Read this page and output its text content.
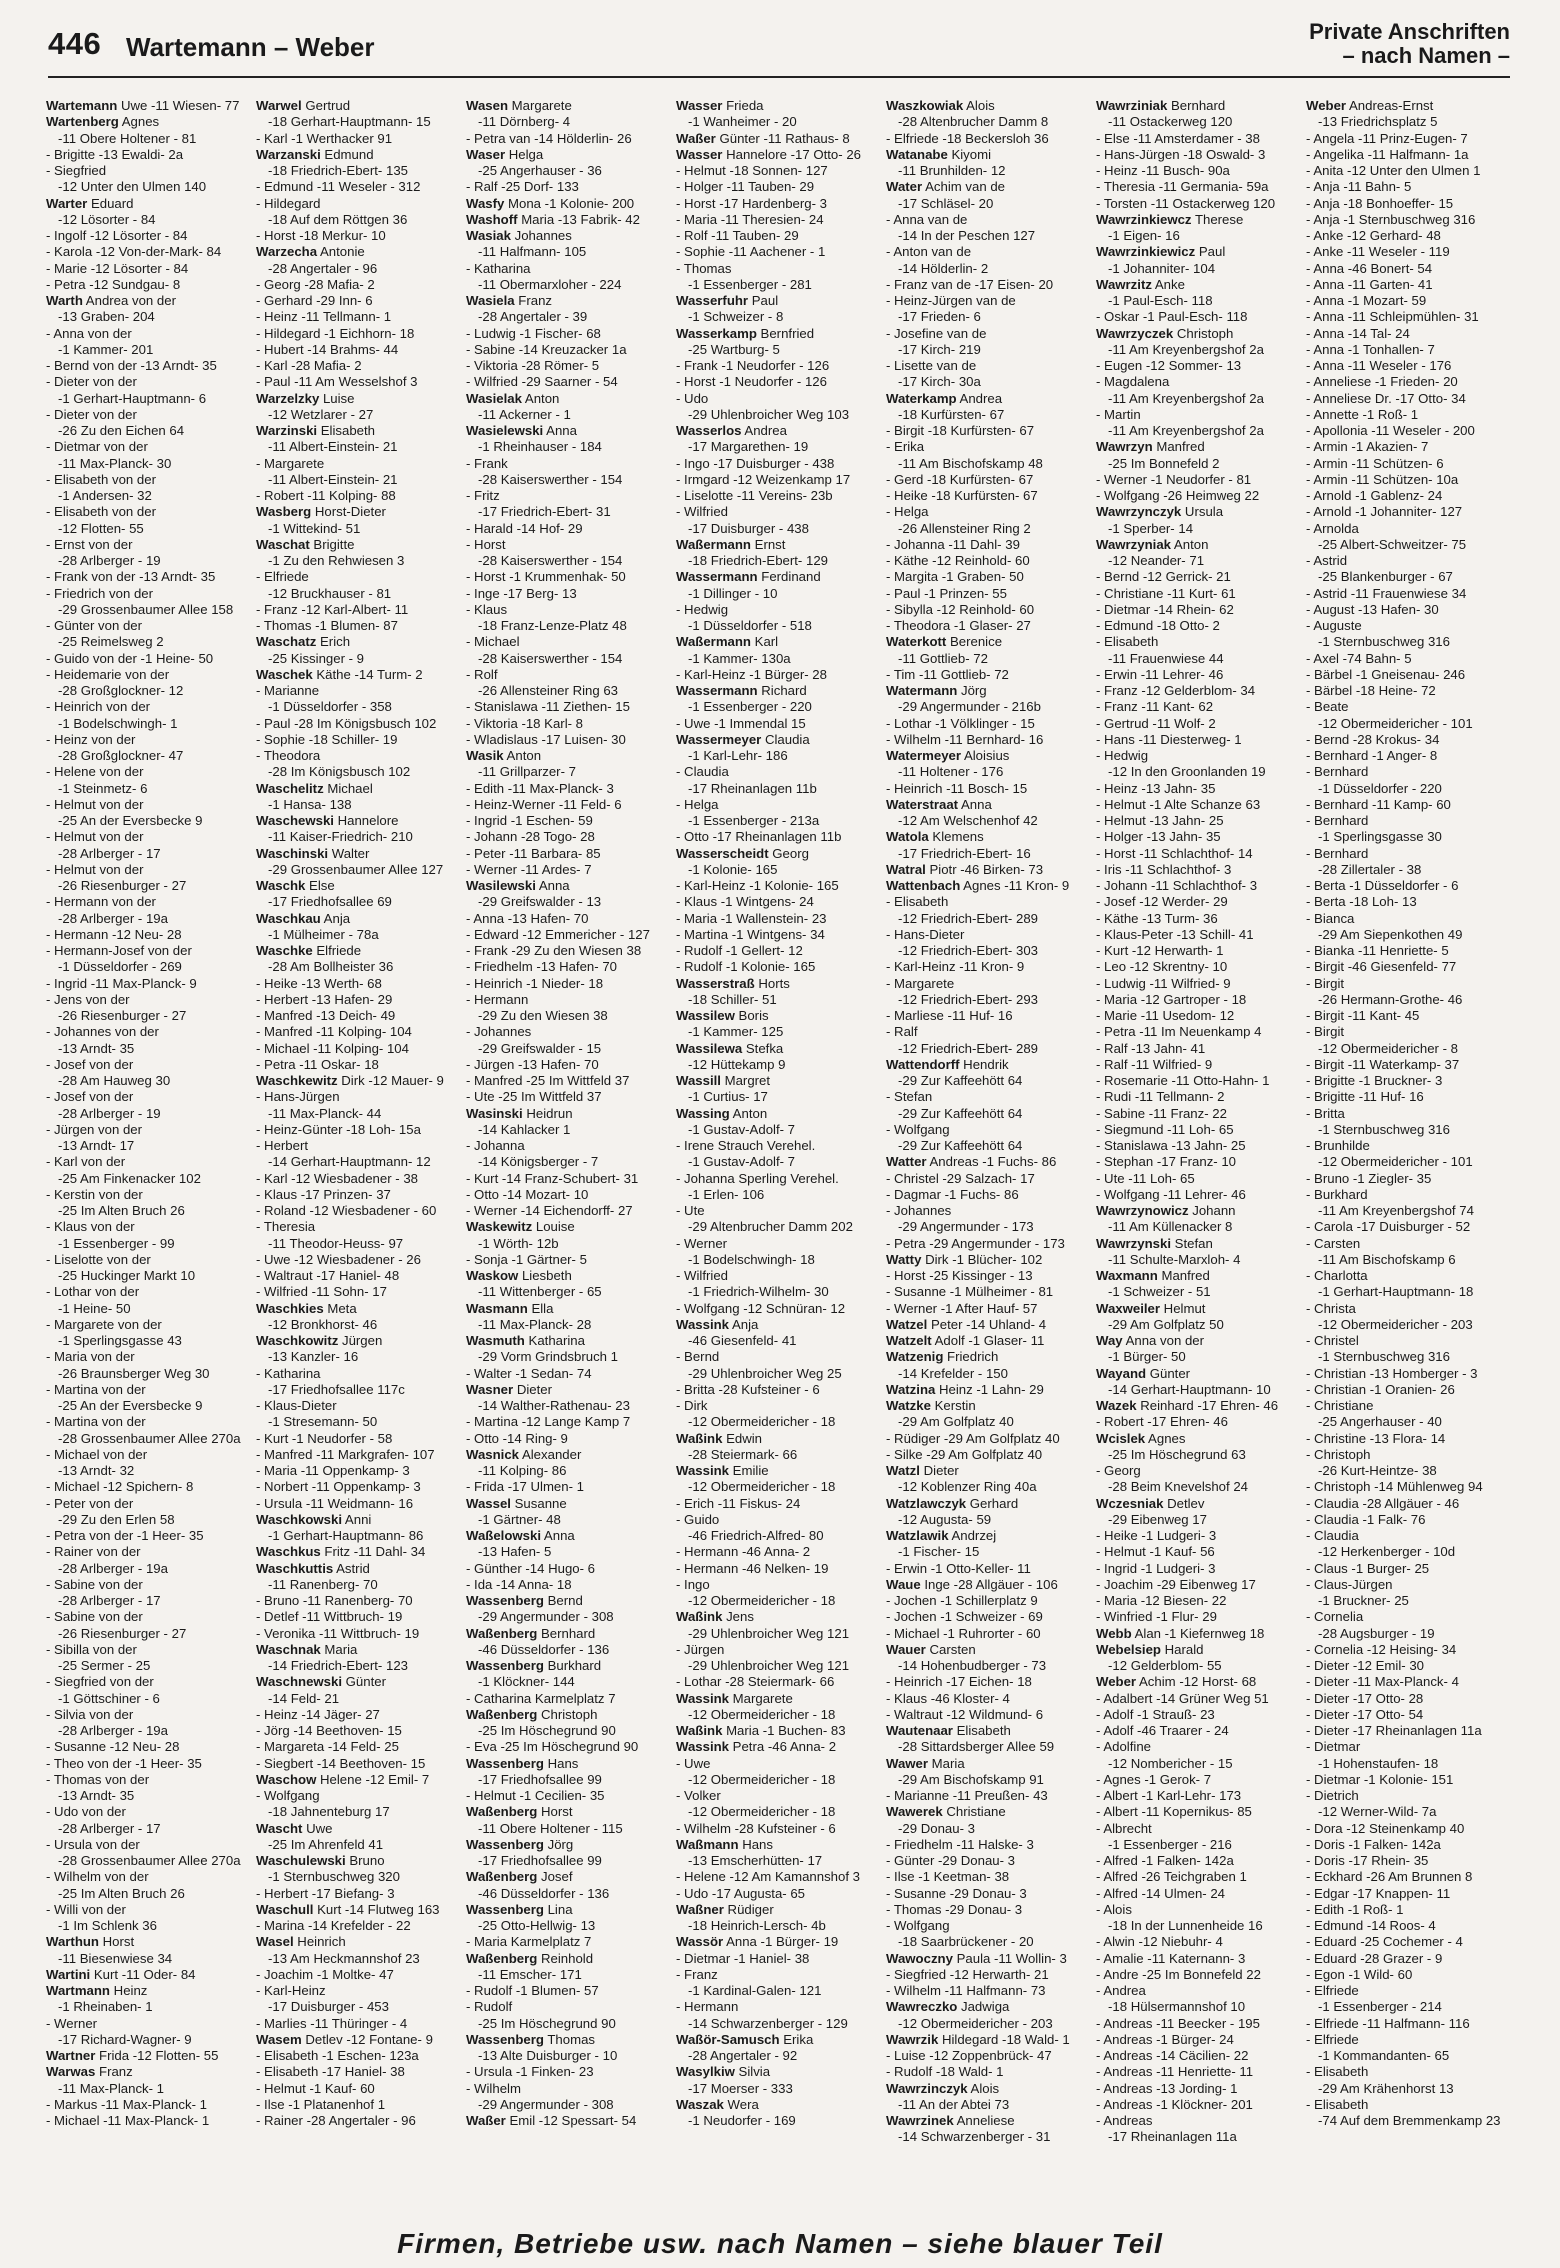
446 Wartemann – Weber
Private Anschriften
– nach Namen –
Wartemann Uwe -11 Wiesen- 77
Wartenberg Agnes
-11 Obere Holtener - 81
- Brigitte -13 Ewaldi- 2a
- Siegfried
-12 Unter den Ulmen 140
Warter Eduard
-12 Lösorter - 84
- Ingolf -12 Lösorter - 84
- Karola -12 Von-der-Mark- 84
- Marie -12 Lösorter - 84
- Petra -12 Sundgau- 8
Warth Andrea von der
-13 Graben- 204
- Anna von der
-1 Kammer- 201
- Bernd von der -13 Arndt- 35
- Dieter von der
-1 Gerhart-Hauptmann- 6
- Dieter von der
-26 Zu den Eichen 64
- Dietmar von der
-11 Max-Planck- 30
- Elisabeth von der
-1 Andersen- 32
- Elisabeth von der
-12 Flotten- 55
- Ernst von der
-28 Arlberger - 19
- Frank von der -13 Arndt- 35
- Friedrich von der
-29 Grossenbaumer Allee 158
- Günter von der
-25 Reimelsweg 2
- Guido von der -1 Heine- 50
- Heidemarie von der
-28 Großglockner- 12
- Heinrich von der
-1 Bodelschwingh- 1
- Heinz von der
-28 Großglockner- 47
- Helene von der
-1 Steinmetz- 6
- Helmut von der
-25 An der Eversbecke 9
- Helmut von der
-28 Arlberger - 17
- Helmut von der
-26 Riesenburger - 27
- Hermann von der
-28 Arlberger - 19a
- Hermann -12 Neu- 28
- Hermann-Josef von der
-1 Düsseldorfer - 269
- Ingrid -11 Max-Planck- 9
- Jens von der
-26 Riesenburger - 27
- Johannes von der
-13 Arndt- 35
- Josef von der
-28 Am Hauweg 30
- Josef von der
-28 Arlberger - 19
- Jürgen von der
-13 Arndt- 17
- Karl von der
-25 Am Finkenacker 102
- Kerstin von der
-25 Im Alten Bruch 26
- Klaus von der
-1 Essenberger - 99
- Liselotte von der
-25 Huckinger Markt 10
- Lothar von der
-1 Heine- 50
- Margarete von der
-1 Sperlingsgasse 43
- Maria von der
-26 Braunsberger Weg 30
- Martina von der
-25 An der Eversbecke 9
- Martina von der
-28 Grossenbaumer Allee 270a
- Michael von der
-13 Arndt- 32
- Michael -12 Spichern- 8
- Peter von der
-29 Zu den Erlen 58
- Petra von der -1 Heer- 35
- Rainer von der
-28 Arlberger - 19a
- Sabine von der
-28 Arlberger - 17
- Sabine von der
-26 Riesenburger - 27
- Sibilla von der
-25 Sermer - 25
- Siegfried von der
-1 Göttschiner - 6
- Silvia von der
-28 Arlberger - 19a
- Susanne -12 Neu- 28
- Theo von der -1 Heer- 35
- Thomas von der
-13 Arndt- 35
- Udo von der
-28 Arlberger - 17
- Ursula von der
-28 Grossenbaumer Allee 270a
- Wilhelm von der
-25 Im Alten Bruch 26
- Willi von der
-1 Im Schlenk 36
Warthun Horst
-11 Biesenwiese 34
Wartini Kurt -11 Oder- 84
Wartmann Heinz
-1 Rheinaben- 1
- Werner
-17 Richard-Wagner- 9
Wartner Frida -12 Flotten- 55
Warwas Franz
-11 Max-Planck- 1
- Markus -11 Max-Planck- 1
- Michael -11 Max-Planck- 1
Warwel Gertrud
-18 Gerhart-Hauptmann- 15
- Karl -1 Werthacker 91
Warzanski Edmund
-18 Friedrich-Ebert- 135
- Edmund -11 Weseler - 312
- Hildegard
-18 Auf dem Röttgen 36
- Horst -18 Merkur- 10
Warzecha Antonie
-28 Angertaler - 96
- Georg -28 Mafia- 2
- Gerhard -29 Inn- 6
- Heinz -11 Tellmann- 1
- Hildegard -1 Eichhorn- 18
- Hubert -14 Brahms- 44
- Karl -28 Mafia- 2
- Paul -11 Am Wesselshof 3
Warzelzky Luise
-12 Wetzlarer - 27
Warzinski Elisabeth
-11 Albert-Einstein- 21
- Margarete
-11 Albert-Einstein- 21
- Robert -11 Kolping- 88
Wasberg Horst-Dieter
-1 Wittekind- 51
Waschat Brigitte
-1 Zu den Rehwiesen 3
- Elfriede
-12 Bruckhauser - 81
- Franz -12 Karl-Albert- 11
- Thomas -1 Blumen- 87
Waschatz Erich
-25 Kissinger - 9
Waschek Käthe -14 Turm- 2
- Marianne
-1 Düsseldorfer - 358
- Paul -28 Im Königsbusch 102
- Sophie -18 Schiller- 19
- Theodora
-28 Im Königsbusch 102
Waschelitz Michael
-1 Hansa- 138
Waschewski Hannelore
-11 Kaiser-Friedrich- 210
Waschinski Walter
-29 Grossenbaumer Allee 127
Waschk Else
-17 Friedhofsallee 69
Waschkau Anja
-1 Mülheimer - 78a
Waschke Elfriede
-28 Am Bollheister 36
- Heike -13 Werth- 68
- Herbert -13 Hafen- 29
- Manfred -13 Deich- 49
- Manfred -11 Kolping- 104
- Michael -11 Kolping- 104
- Petra -11 Oskar- 18
Waschkewitz Dirk -12 Mauer- 9
- Hans-Jürgen
-11 Max-Planck- 44
- Heinz-Günter -18 Loh- 15a
- Herbert
-14 Gerhart-Hauptmann- 12
- Karl -12 Wiesbadener - 38
- Klaus -17 Prinzen- 37
- Roland -12 Wiesbadener - 60
- Theresia
-11 Theodor-Heuss- 97
- Uwe -12 Wiesbadener - 26
- Waltraut -17 Haniel- 48
- Wilfried -11 Sohn- 17
Waschkies Meta
-12 Bronkhorst- 46
Waschkowitz Jürgen
-13 Kanzler- 16
- Katharina
-17 Friedhofsallee 117c
- Klaus-Dieter
-1 Stresemann- 50
- Kurt -1 Neudorfer - 58
- Manfred -11 Markgrafen- 107
- Maria -11 Oppenkamp- 3
- Norbert -11 Oppenkamp- 3
- Ursula -11 Weidmann- 16
Waschkowski Anni
-1 Gerhart-Hauptmann- 86
Waschkus Fritz -11 Dahl- 34
Waschkuttis Astrid
-11 Ranenberg- 70
- Bruno -11 Ranenberg- 70
- Detlef -11 Wittbruch- 19
- Veronika -11 Wittbruch- 19
Waschnak Maria
-14 Friedrich-Ebert- 123
Waschnewski Günter
-14 Feld- 21
- Heinz -14 Jäger- 27
- Jörg -14 Beethoven- 15
- Margareta -14 Feld- 25
- Siegbert -14 Beethoven- 15
Waschow Helene -12 Emil- 7
- Wolfgang
-18 Jahnenteburg 17
Wascht Uwe
-25 Im Ahrenfeld 41
Waschulewski Bruno
-1 Sternbuschweg 320
- Herbert -17 Biefang- 3
Waschull Kurt -14 Flutweg 163
- Marina -14 Krefelder - 22
Wasel Heinrich
-13 Am Heckmannshof 23
- Joachim -1 Moltke- 47
- Karl-Heinz
-17 Duisburger - 453
- Marlies -11 Thüringer - 4
Wasem Detlev -12 Fontane- 9
- Elisabeth -1 Eschen- 123a
- Elisabeth -17 Haniel- 38
- Helmut -1 Kauf- 60
- Ilse -1 Platanenhof 1
- Rainer -28 Angertaler - 96
Wasen Margarete
-11 Dörnberg- 4
- Petra van -14 Hölderlin- 26
Waser Helga
-25 Angerhauser - 36
- Ralf -25 Dorf- 133
Wasfy Mona -1 Kolonie- 200
Washoff Maria -13 Fabrik- 42
Wasiak Johannes
-11 Halfmann- 105
- Katharina
-11 Obermarxloher - 224
Wasiela Franz
-28 Angertaler - 39
- Ludwig -1 Fischer- 68
- Sabine -14 Kreuzacker 1a
- Viktoria -28 Römer- 5
- Wilfried -29 Saarner - 54
Wasielak Anton
-11 Ackerner - 1
Wasielewski Anna
-1 Rheinhauser - 184
- Frank
-28 Kaiserswerther - 154
- Fritz
-17 Friedrich-Ebert- 31
- Harald -14 Hof- 29
- Horst
-28 Kaiserswerther - 154
- Horst -1 Krummenhak- 50
- Inge -17 Berg- 13
- Klaus
-18 Franz-Lenze-Platz 48
- Michael
-28 Kaiserswerther - 154
- Rolf
-26 Allensteiner Ring 63
- Stanislawa -11 Ziethen- 15
- Viktoria -18 Karl- 8
- Wladislaus -17 Luisen- 30
Wasik Anton
-11 Grillparzer- 7
- Edith -11 Max-Planck- 3
- Heinz-Werner -11 Feld- 6
- Ingrid -1 Eschen- 59
- Johann -28 Togo- 28
- Peter -11 Barbara- 85
- Werner -11 Ardes- 7
Wasilewski Anna
-29 Greifswalder - 13
- Anna -13 Hafen- 70
- Edward -12 Emmericher - 127
- Frank -29 Zu den Wiesen 38
- Friedhelm -13 Hafen- 70
- Heinrich -1 Nieder- 18
- Hermann
-29 Zu den Wiesen 38
- Johannes
-29 Greifswalder - 15
- Jürgen -13 Hafen- 70
- Manfred -25 Im Wittfeld 37
- Ute -25 Im Wittfeld 37
Wasinski Heidrun
-14 Kahlacker 1
- Johanna
-14 Königsberger - 7
- Kurt -14 Franz-Schubert- 31
- Otto -14 Mozart- 10
- Werner -14 Eichendorff- 27
Waskewitz Louise
-1 Wörth- 12b
- Sonja -1 Gärtner- 5
Waskow Liesbeth
-11 Wittenberger - 65
Wasmann Ella
-11 Max-Planck- 28
Wasmuth Katharina
-29 Vorm Grindsbruch 1
- Walter -1 Sedan- 74
Wasner Dieter
-14 Walther-Rathenau- 23
- Martina -12 Lange Kamp 7
- Otto -14 Ring- 9
Wasnick Alexander
-11 Kolping- 86
- Frida -17 Ulmen- 1
Wassel Susanne
-1 Gärtner- 48
Waßelowski Anna
-13 Hafen- 5
- Günther -14 Hugo- 6
- Ida -14 Anna- 18
Wassenberg Bernd
-29 Angermunder - 308
Waßenberg Bernhard
-46 Düsseldorfer - 136
Wassenberg Burkhard
-1 Klöckner- 144
- Catharina Karmelplatz 7
Waßenberg Christoph
-25 Im Höschegrund 90
- Eva -25 Im Höschegrund 90
Wassenberg Hans
-17 Friedhofsallee 99
- Helmut -1 Cecilien- 35
Waßenberg Horst
-11 Obere Holtener - 115
Wassenberg Jörg
-17 Friedhofsallee 99
Waßenberg Josef
-46 Düsseldorfer - 136
Wassenberg Lina
-25 Otto-Hellwig- 13
- Maria Karmelplatz 7
Waßenberg Reinhold
-11 Emscher- 171
- Rudolf -1 Blumen- 57
- Rudolf
-25 Im Höschegrund 90
Wassenberg Thomas
-13 Alte Duisburger - 10
- Ursula -1 Finken- 23
- Wilhelm
-29 Angermunder - 308
Waßer Emil -12 Spessart- 54
Wasser Frieda
-1 Wanheimer - 20
Waßer Günter -11 Rathaus- 8
Wasser Hannelore -17 Otto- 26
- Helmut -18 Sonnen- 127
- Holger -11 Tauben- 29
- Horst -17 Hardenberg- 3
- Maria -11 Theresien- 24
- Rolf -11 Tauben- 29
- Sophie -11 Aachener - 1
- Thomas
-1 Essenberger - 281
Wasserfuhr Paul
-1 Schweizer - 8
Wasserkamp Bernfried
-25 Wartburg- 5
- Frank -1 Neudorfer - 126
- Horst -1 Neudorfer - 126
- Udo
-29 Uhlenbroicher Weg 103
Wasserlos Andrea
-17 Margarethen- 19
- Ingo -17 Duisburger - 438
- Irmgard -12 Weizenkamp 17
- Liselotte -11 Vereins- 23b
- Wilfried
-17 Duisburger - 438
Waßermann Ernst
-18 Friedrich-Ebert- 129
Wassermann Ferdinand
-1 Dillinger - 10
- Hedwig
-1 Düsseldorfer - 518
Waßermann Karl
-1 Kammer- 130a
- Karl-Heinz -1 Bürger- 28
Wassermann Richard
-1 Essenberger - 220
- Uwe -1 Immendal 15
Wassermeyer Claudia
-1 Karl-Lehr- 186
- Claudia
-17 Rheinanlagen 11b
- Helga
-1 Essenberger - 213a
- Otto -17 Rheinanlagen 11b
Wasserscheidt Georg
-1 Kolonie- 165
- Karl-Heinz -1 Kolonie- 165
- Klaus -1 Wintgens- 24
- Maria -1 Wallenstein- 23
- Martina -1 Wintgens- 34
- Rudolf -1 Gellert- 12
- Rudolf -1 Kolonie- 165
Wasserstraß Horts
-18 Schiller- 51
Wassilew Boris
-1 Kammer- 125
Wassilewa Stefka
-12 Hüttekamp 9
Wassill Margret
-1 Curtius- 17
Wassing Anton
-1 Gustav-Adolf- 7
- Irene Strauch Verehel.
-1 Gustav-Adolf- 7
- Johanna Sperling Verehel.
-1 Erlen- 106
- Ute
-29 Altenbrucher Damm 202
- Werner
-1 Bodelschwingh- 18
- Wilfried
-1 Friedrich-Wilhelm- 30
- Wolfgang -12 Schnüran- 12
Wassink Anja
-46 Giesenfeld- 41
- Bernd
-29 Uhlenbroicher Weg 25
- Britta -28 Kufsteiner - 6
- Dirk
-12 Obermeidericher - 18
Waßink Edwin
-28 Steiermark- 66
Wassink Emilie
-12 Obermeidericher - 18
- Erich -11 Fiskus- 24
- Guido
-46 Friedrich-Alfred- 80
- Hermann -46 Anna- 2
- Hermann -46 Nelken- 19
- Ingo
-12 Obermeidericher - 18
Waßink Jens
-29 Uhlenbroicher Weg 121
- Jürgen
-29 Uhlenbroicher Weg 121
- Lothar -28 Steiermark- 66
Wassink Margarete
-12 Obermeidericher - 18
Waßink Maria -1 Buchen- 83
Wassink Petra -46 Anna- 2
- Uwe
-12 Obermeidericher - 18
- Volker
-12 Obermeidericher - 18
- Wilhelm -28 Kufsteiner - 6
Waßmann Hans
-13 Emscherhütten- 17
- Helene -12 Am Kamannshof 3
- Udo -17 Augusta- 65
Waßner Rüdiger
-18 Heinrich-Lersch- 4b
Wassör Anna -1 Bürger- 19
- Dietmar -1 Haniel- 38
- Franz
-1 Kardinal-Galen- 121
- Hermann
-14 Schwarzenberger - 129
Waßör-Samusch Erika
-28 Angertaler - 92
Wasylkiw Silvia
-17 Moerser - 333
Waszak Wera
-1 Neudorfer - 169
Waszkowiak Alois
-28 Altenbrucher Damm 8
- Elfriede -18 Beckersloh 36
Watanabe Kiyomi
-11 Brunhilden- 12
Water Achim van de
-17 Schläsel- 20
- Anna van de
-14 In der Peschen 127
- Anton van de
-14 Hölderlin- 2
- Franz van de -17 Eisen- 20
- Heinz-Jürgen van de
-17 Frieden- 6
- Josefine van de
-17 Kirch- 219
- Lisette van de
-17 Kirch- 30a
Waterkamp Andrea
-18 Kurfürsten- 67
- Birgit -18 Kurfürsten- 67
- Erika
-11 Am Bischofskamp 48
- Gerd -18 Kurfürsten- 67
- Heike -18 Kurfürsten- 67
- Helga
-26 Allensteiner Ring 2
- Johanna -11 Dahl- 39
- Käthe -12 Reinhold- 60
- Margita -1 Graben- 50
- Paul -1 Prinzen- 55
- Sibylla -12 Reinhold- 60
- Theodora -1 Glaser- 27
Waterkott Berenice
-11 Gottlieb- 72
- Tim -11 Gottlieb- 72
Watermann Jörg
-29 Angermunder - 216b
- Lothar -1 Völklinger - 15
- Wilhelm -11 Bernhard- 16
Watermeyer Aloisius
-11 Holtener - 176
- Heinrich -11 Bosch- 15
Waterstraat Anna
-12 Am Welschenhof 42
Watola Klemens
-17 Friedrich-Ebert- 16
Watral Piotr -46 Birken- 73
Wattenbach Agnes -11 Kron- 9
- Elisabeth
-12 Friedrich-Ebert- 289
- Hans-Dieter
-12 Friedrich-Ebert- 303
- Karl-Heinz -11 Kron- 9
- Margarete
-12 Friedrich-Ebert- 293
- Marliese -11 Huf- 16
- Ralf
-12 Friedrich-Ebert- 289
Wattendorff Hendrik
-29 Zur Kaffeehött 64
- Stefan
-29 Zur Kaffeehött 64
- Wolfgang
-29 Zur Kaffeehött 64
Watter Andreas -1 Fuchs- 86
- Christel -29 Salzach- 17
- Dagmar -1 Fuchs- 86
- Johannes
-29 Angermunder - 173
- Petra -29 Angermunder - 173
Watty Dirk -1 Blücher- 102
- Horst -25 Kissinger - 13
- Susanne -1 Mülheimer - 81
- Werner -1 After Hauf- 57
Watzel Peter -14 Uhland- 4
Watzelt Adolf -1 Glaser- 11
Watzenig Friedrich
-14 Krefelder - 150
Watzina Heinz -1 Lahn- 29
Watzke Kerstin
-29 Am Golfplatz 40
- Rüdiger -29 Am Golfplatz 40
- Silke -29 Am Golfplatz 40
Watzl Dieter
-12 Koblenzer Ring 40a
Watzlawczyk Gerhard
-12 Augusta- 59
Watzlawik Andrzej
-1 Fischer- 15
- Erwin -1 Otto-Keller- 11
Waue Inge -28 Allgäuer - 106
- Jochen -1 Schillerplatz 9
- Jochen -1 Schweizer - 69
- Michael -1 Ruhrorter - 60
Wauer Carsten
-14 Hohenbudberger - 73
- Heinrich -17 Eichen- 18
- Klaus -46 Kloster- 4
- Waltraut -12 Wildmund- 6
Wautenaar Elisabeth
-28 Sittardsberger Allee 59
Wawer Maria
-29 Am Bischofskamp 91
- Marianne -11 Preußen- 43
Wawerek Christiane
-29 Donau- 3
- Friedhelm -11 Halske- 3
- Günter -29 Donau- 3
- Ilse -1 Keetman- 38
- Susanne -29 Donau- 3
- Thomas -29 Donau- 3
- Wolfgang
-18 Saarbrückener - 20
Wawoczny Paula -11 Wollin- 3
- Siegfried -12 Herwarth- 21
- Wilhelm -11 Halfmann- 73
Wawreczko Jadwiga
-12 Obermeidericher - 203
Wawrzik Hildegard -18 Wald- 1
- Luise -12 Zoppenbrück- 47
- Rudolf -18 Wald- 1
Wawrzinczyk Alois
-11 An der Abtei 73
Wawrzinek Anneliese
-14 Schwarzenberger - 31
Wawrziniak Bernhard
-11 Ostackerweg 120
- Else -11 Amsterdamer - 38
- Hans-Jürgen -18 Oswald- 3
- Heinz -11 Busch- 90a
- Theresia -11 Germania- 59a
- Torsten -11 Ostackerweg 120
Wawrzinkiewcz Therese
-1 Eigen- 16
Wawrzinkiewicz Paul
-1 Johanniter- 104
Wawrzitz Anke
-1 Paul-Esch- 118
- Oskar -1 Paul-Esch- 118
Wawrzyczek Christoph
-11 Am Kreyenbergshof 2a
- Eugen -12 Sommer- 13
- Magdalena
-11 Am Kreyenbergshof 2a
- Martin
-11 Am Kreyenbergshof 2a
Wawrzyn Manfred
-25 Im Bonnefeld 2
- Werner -1 Neudorfer - 81
- Wolfgang -26 Heimweg 22
Wawrzynczyk Ursula
-1 Sperber- 14
Wawrzyniak Anton
-12 Neander- 71
- Bernd -12 Gerrick- 21
- Christiane -11 Kurt- 61
- Dietmar -14 Rhein- 62
- Edmund -18 Otto- 2
- Elisabeth
-11 Frauenwiese 44
- Erwin -11 Lehrer- 46
- Franz -12 Gelderblom- 34
- Franz -11 Kant- 62
- Gertrud -11 Wolf- 2
- Hans -11 Diesterweg- 1
- Hedwig
-12 In den Groonlanden 19
- Heinz -13 Jahn- 35
- Helmut -1 Alte Schanze 63
- Helmut -13 Jahn- 25
- Holger -13 Jahn- 35
- Horst -11 Schlachthof- 14
- Iris -11 Schlachthof- 3
- Johann -11 Schlachthof- 3
- Josef -12 Werder- 29
- Käthe -13 Turm- 36
- Klaus-Peter -13 Schill- 41
- Kurt -12 Herwarth- 1
- Leo -12 Skrentny- 10
- Ludwig -11 Wilfried- 9
- Maria -12 Gartroper - 18
- Marie -11 Usedom- 12
- Petra -11 Im Neuenkamp 4
- Ralf -13 Jahn- 41
- Ralf -11 Wilfried- 9
- Rosemarie -11 Otto-Hahn- 1
- Rudi -11 Tellmann- 2
- Sabine -11 Franz- 22
- Siegmund -11 Loh- 65
- Stanislawa -13 Jahn- 25
- Stephan -17 Franz- 10
- Ute -11 Loh- 65
- Wolfgang -11 Lehrer- 46
Wawrzynowicz Johann
-11 Am Küllenacker 8
Wawrzynski Stefan
-11 Schulte-Marxloh- 4
Waxmann Manfred
-1 Schweizer - 51
Waxweiler Helmut
-29 Am Golfplatz 50
Way Anna von der
-1 Bürger- 50
Wayand Günter
-14 Gerhart-Hauptmann- 10
Wazek Reinhard -17 Ehren- 46
- Robert -17 Ehren- 46
Wcislek Agnes
-25 Im Höschegrund 63
- Georg
-28 Beim Knevelshof 24
Wczesniak Detlev
-29 Eibenweg 17
- Heike -1 Ludgeri- 3
- Helmut -1 Kauf- 56
- Ingrid -1 Ludgeri- 3
- Joachim -29 Eibenweg 17
- Maria -12 Biesen- 22
- Winfried -1 Flur- 29
Webb Alan -1 Kiefernweg 18
Webelsiep Harald
-12 Gelderblom- 55
Weber Achim -12 Horst- 68
- Adalbert -14 Grüner Weg 51
- Adolf -1 Strauß- 23
- Adolf -46 Traarer - 24
- Adolfine
-12 Nombericher - 15
- Agnes -1 Gerok- 7
- Albert -1 Karl-Lehr- 173
- Albert -11 Kopernikus- 85
- Albrecht
-1 Essenberger - 216
- Alfred -1 Falken- 142a
- Alfred -26 Teichgraben 1
- Alfred -14 Ulmen- 24
- Alois
-18 In der Lunnenheide 16
- Alwin -12 Niebuhr- 4
- Amalie -11 Katernann- 3
- Andre -25 Im Bonnefeld 22
- Andrea
-18 Hülsermannshof 10
- Andreas -11 Beecker - 195
- Andreas -1 Bürger- 24
- Andreas -14 Cäcilien- 22
- Andreas -11 Henriette- 11
- Andreas -13 Jording- 1
- Andreas -1 Klöckner- 201
- Andreas
-17 Rheinanlagen 11a
Weber Andreas-Ernst
-13 Friedrichsplatz 5
- Angela -11 Prinz-Eugen- 7
- Angelika -11 Halfmann- 1a
- Anita -12 Unter den Ulmen 1
- Anja -11 Bahn- 5
- Anja -18 Bonhoeffer- 15
- Anja -1 Sternbuschweg 316
- Anke -12 Gerhard- 48
- Anke -11 Weseler - 119
- Anna -46 Bonert- 54
- Anna -11 Garten- 41
- Anna -1 Mozart- 59
- Anna -11 Schleipmühlen- 31
- Anna -14 Tal- 24
- Anna -1 Tonhallen- 7
- Anna -11 Weseler - 176
- Anneliese -1 Frieden- 20
- Anneliese Dr. -17 Otto- 34
- Annette -1 Roß- 1
- Apollonia -11 Weseler - 200
- Armin -1 Akazien- 7
- Armin -11 Schützen- 6
- Armin -11 Schützen- 10a
- Arnold -1 Gablenz- 24
- Arnold -1 Johanniter- 127
- Arnolda
-25 Albert-Schweitzer- 75
- Astrid
-25 Blankenburger - 67
- Astrid -11 Frauenwiese 34
- August -13 Hafen- 30
- Auguste
-1 Sternbuschweg 316
- Axel -74 Bahn- 5
- Bärbel -1 Gneisenau- 246
- Bärbel -18 Heine- 72
- Beate
-12 Obermeidericher - 101
- Bernd -28 Krokus- 34
- Bernhard -1 Anger- 8
- Bernhard
-1 Düsseldorfer - 220
- Bernhard -11 Kamp- 60
- Bernhard
-1 Sperlingsgasse 30
- Bernhard
-28 Zillertaler - 38
- Berta -1 Düsseldorfer - 6
- Berta -18 Loh- 13
- Bianca
-29 Am Siepenkothen 49
- Bianka -11 Henriette- 5
- Birgit -46 Giesenfeld- 77
- Birgit
-26 Hermann-Grothe- 46
- Birgit -11 Kant- 45
- Birgit
-12 Obermeidericher - 8
- Birgit -11 Waterkamp- 37
- Brigitte -1 Bruckner- 3
- Brigitte -11 Huf- 16
- Britta
-1 Sternbuschweg 316
- Brunhilde
-12 Obermeidericher - 101
- Bruno -1 Ziegler- 35
- Burkhard
-11 Am Kreyenbergshof 74
- Carola -17 Duisburger - 52
- Carsten
-11 Am Bischofskamp 6
- Charlotta
-1 Gerhart-Hauptmann- 18
- Christa
-12 Obermeidericher - 203
- Christel
-1 Sternbuschweg 316
- Christian -13 Homberger - 3
- Christian -1 Oranien- 26
- Christiane
-25 Angerhauser - 40
- Christine -13 Flora- 14
- Christoph
-26 Kurt-Heintze- 38
- Christoph -14 Mühlenweg 94
- Claudia -28 Allgäuer - 46
- Claudia -1 Falk- 76
- Claudia
-12 Herkenberger - 10d
- Claus -1 Burger- 25
- Claus-Jürgen
-1 Bruckner- 25
- Cornelia
-28 Augsburger - 19
- Cornelia -12 Heising- 34
- Dieter -12 Emil- 30
- Dieter -11 Max-Planck- 4
- Dieter -17 Otto- 28
- Dieter -17 Otto- 54
- Dieter -17 Rheinanlagen 11a
- Dietmar
-1 Hohenstaufen- 18
- Dietmar -1 Kolonie- 151
- Dietrich
-12 Werner-Wild- 7a
- Dora -12 Steinenkamp 40
- Doris -1 Falken- 142a
- Doris -17 Rhein- 35
- Eckhard -26 Am Brunnen 8
- Edgar -17 Knappen- 11
- Edith -1 Roß- 1
- Edmund -14 Roos- 4
- Eduard -25 Cochemer - 4
- Eduard -28 Grazer - 9
- Egon -1 Wild- 60
- Elfriede
-1 Essenberger - 214
- Elfriede -11 Halfmann- 116
- Elfriede
-1 Kommandanten- 65
- Elisabeth
-29 Am Krähenhorst 13
- Elisabeth
-74 Auf dem Bremmenkamp 23
Firmen, Betriebe usw. nach Namen – siehe blauer Teil
